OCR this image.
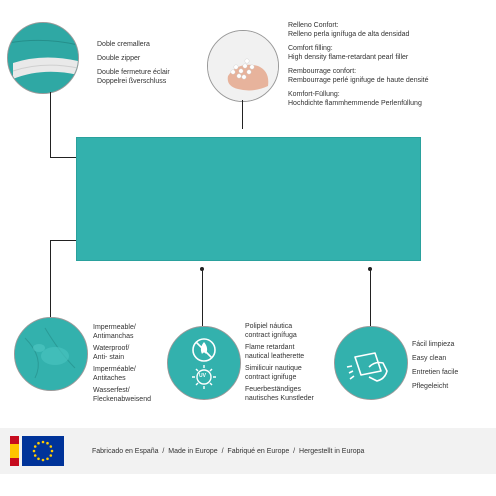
Doble cremallera
Double zipper
Double fermeture éclair
Doppelrei ßverschluss
Relleno Confort:
Relleno perla ignífuga de alta densidad
Comfort filling:
High density flame-retardant pearl filler
Rembourrage confort:
Rembourrage perlé ignifuge de haute densité
Komfort-Füllung:
Hochdichte flammhemmende Perlenfüllung
Impermeable/
Antimanchas
Waterproof/
Anti- stain
Imperméable/
Antitaches
Wasserfest/
Fleckenabweisend
UV
Polipiel náutica
contract ignífuga
Flame retardant
nautical leatherette
Similicuir nautique
contract ignifuge
Feuerbeständiges
nautisches Kunstleder
Fácil limpieza
Easy clean
Entretien facile
Pflegeleicht
Fabricado en España  /  Made in Europe  /  Fabriqué en Europe  /  Hergestellt in Europa
